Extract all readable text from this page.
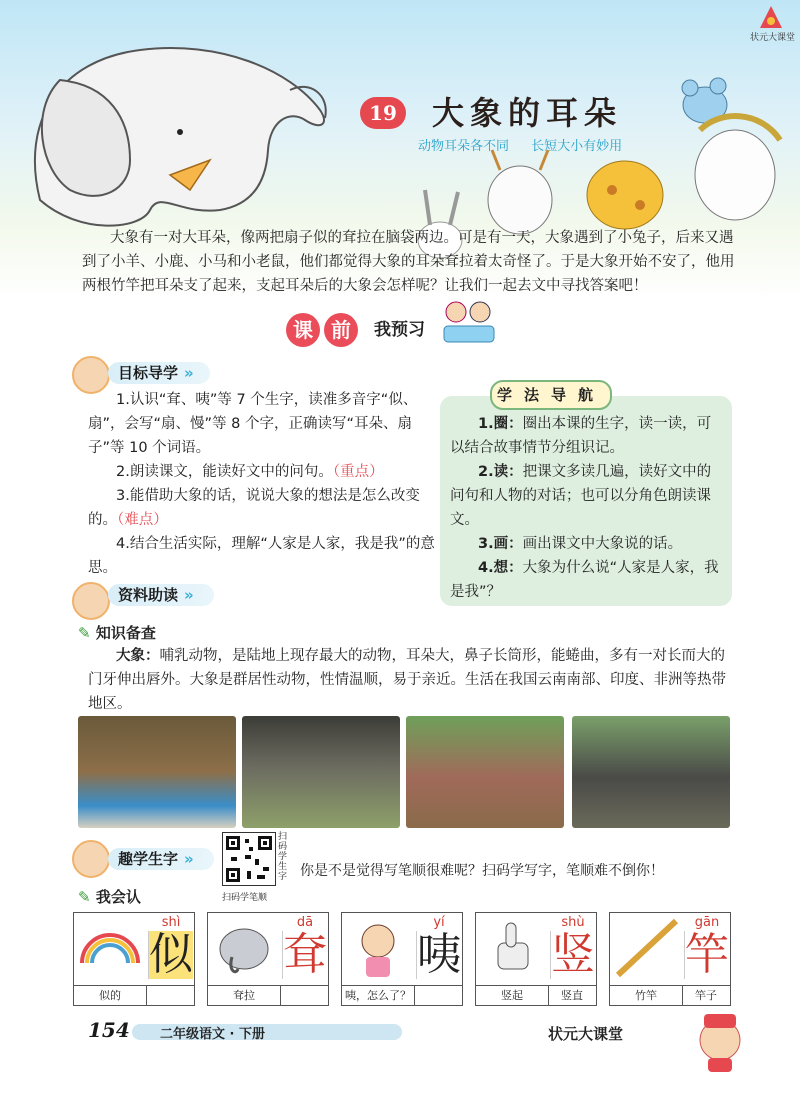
19 大象的耳朵
动物耳朵各不同 长短大小有妙用
状元大课堂
大象有一对大耳朵，像两把扇子似的耷拉在脑袋两边。可是有一天，大象遇到了小兔子，后来又遇到了小羊、小鹿、小马和小老鼠，他们都觉得大象的耳朵耷拉着太奇怪了。于是大象开始不安了，他用两根竹竿把耳朵支了起来，支起耳朵后的大象会怎样呢？让我们一起去文中寻找答案吧！
课 前	我预习
目标导学 »

1.认识“耷、咦”等 7 个生字，读准多音字“似、扇”，会写“扇、慢”等 8 个字，正确读写“耳朵、扇子”等 10 个词语。

2.朗读课文，能读好文中的问句。（重点）

3.能借助大象的话，说说大象的想法是怎么改变的。（难点）

4.结合生活实际，理解“人家是人家，我是我”的意思。

学法导航

1.圈：圈出本课的生字，读一读，可以结合故事情节分组识记。

2.读：把课文多读几遍，读好文中的问句和人物的对话；也可以分角色朗读课文。

3.画：画出课文中大象说的话。

4.想：大象为什么说“人家是人家，我是我”？

资料助读 »
✎ 知识备查
大象：哺乳动物，是陆地上现存最大的动物，耳朵大，鼻子长筒形，能蜷曲，多有一对长而大的门牙伸出唇外。大象是群居性动物，性情温顺，易于亲近。生活在我国云南南部、印度、非洲等热带地区。
趣学生字 »
扫码学生字
扫码学笔顺
你是不是觉得写笔顺很难呢？扫码学写字，笔顺难不倒你！
✎ 我会认
shì
似
似的
dā
耷
耷拉
yí
咦
咦，怎么了？
shù
竖
竖起	竖直
gān
竿
竹竿	竿子
154 二年级语文 · 下册	状元大课堂
